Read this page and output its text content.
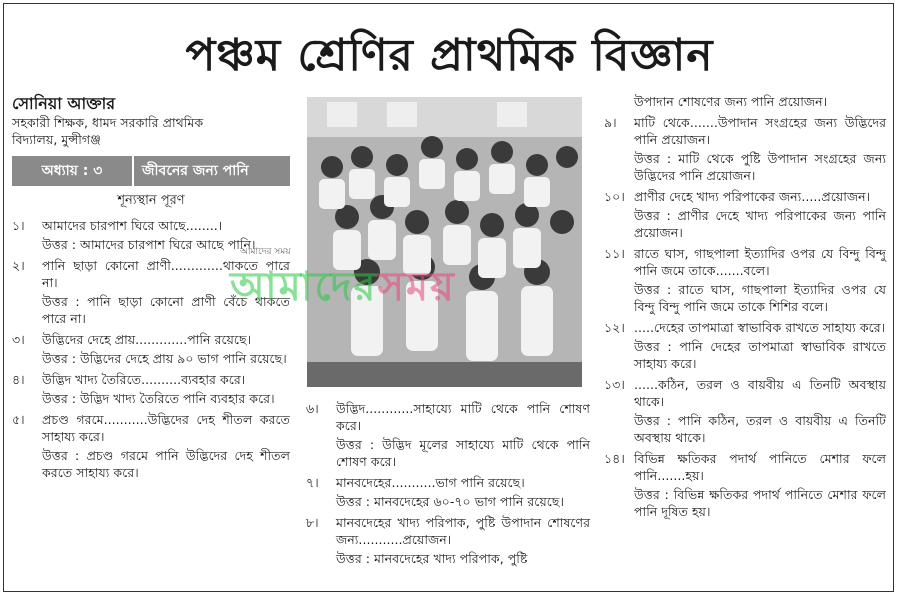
পঞ্চম শ্রেণির প্রাথমিক বিজ্ঞান
সোনিয়া আক্তার
সহকারী শিক্ষক, ধামদ সরকারি প্রাথমিক
বিদ্যালয়, মুন্সীগঞ্জ
অধ্যায় : ৩	জীবনের জন্য পানি
শূন্যস্থান পূরণ
১।	আমাদের চারপাশ ঘিরে আছে........।
উত্তর : আমাদের চারপাশ ঘিরে আছে পানি।
২।	পানি ছাড়া কোনো প্রাণী.............থাকতে পারে না।
উত্তর : পানি ছাড়া কোনো প্রাণী বেঁচে থাকতে পারে না।
৩।	উদ্ভিদের দেহে প্রায়.............পানি রয়েছে।
উত্তর : উদ্ভিদের দেহে প্রায় ৯০ ভাগ পানি রয়েছে।
৪।	উদ্ভিদ খাদ্য তৈরিতে..........ব্যবহার করে।
উত্তর : উদ্ভিদ খাদ্য তৈরিতে পানি ব্যবহার করে।
৫।	প্রচণ্ড গরমে...........উদ্ভিদের দেহ শীতল করতে সাহায্য করে।
উত্তর : প্রচণ্ড গরমে পানি উদ্ভিদের দেহ শীতল করতে সাহায্য করে।
৬।	উদ্ভিদ............সাহায্যে মাটি থেকে পানি শোষণ করে।
উত্তর : উদ্ভিদ মূলের সাহায্যে মাটি থেকে পানি শোষণ করে।
৭।	মানবদেহের...........ভাগ পানি রয়েছে।
উত্তর : মানবদেহের ৬০-৭০ ভাগ পানি রয়েছে।
৮।	মানবদেহের খাদ্য পরিপাক, পুষ্টি উপাদান শোষণের জন্য...........প্রয়োজন।
উত্তর : মানবদেহের খাদ্য পরিপাক, পুষ্টি
উপাদান শোষণের জন্য পানি প্রয়োজন।
৯।	মাটি থেকে.......উপাদান সংগ্রহের জন্য উদ্ভিদের পানি প্রয়োজন।
উত্তর : মাটি থেকে পুষ্টি উপাদান সংগ্রহের জন্য উদ্ভিদের পানি প্রয়োজন।
১০। প্রাণীর দেহে খাদ্য পরিপাকের জন্য.....প্রয়োজন।
উত্তর : প্রাণীর দেহে খাদ্য পরিপাকের জন্য পানি প্রয়োজন।
১১। রাতে ঘাস, গাছপালা ইত্যাদির ওপর যে বিন্দু বিন্দু পানি জমে তাকে.......বলে।
উত্তর : রাতে ঘাস, গাছপালা ইত্যাদির ওপর যে বিন্দু বিন্দু পানি জমে তাকে শিশির বলে।
১২। .....দেহের তাপমাত্রা স্বাভাবিক রাখতে সাহায্য করে।
উত্তর : পানি দেহের তাপমাত্রা স্বাভাবিক রাখতে সাহায্য করে।
১৩। ......কঠিন, তরল ও বায়বীয় এ তিনটি অবস্থায় থাকে।
উত্তর : পানি কঠিন, তরল ও বায়বীয় এ তিনটি অবস্থায় থাকে।
১৪। বিভিন্ন ক্ষতিকর পদার্থ পানিতে মেশার ফলে পানি.......হয়।
উত্তর : বিভিন্ন ক্ষতিকর পদার্থ পানিতে মেশার ফলে পানি দূষিত হয়।
আমাদের সময়
আমাদেরসময়
